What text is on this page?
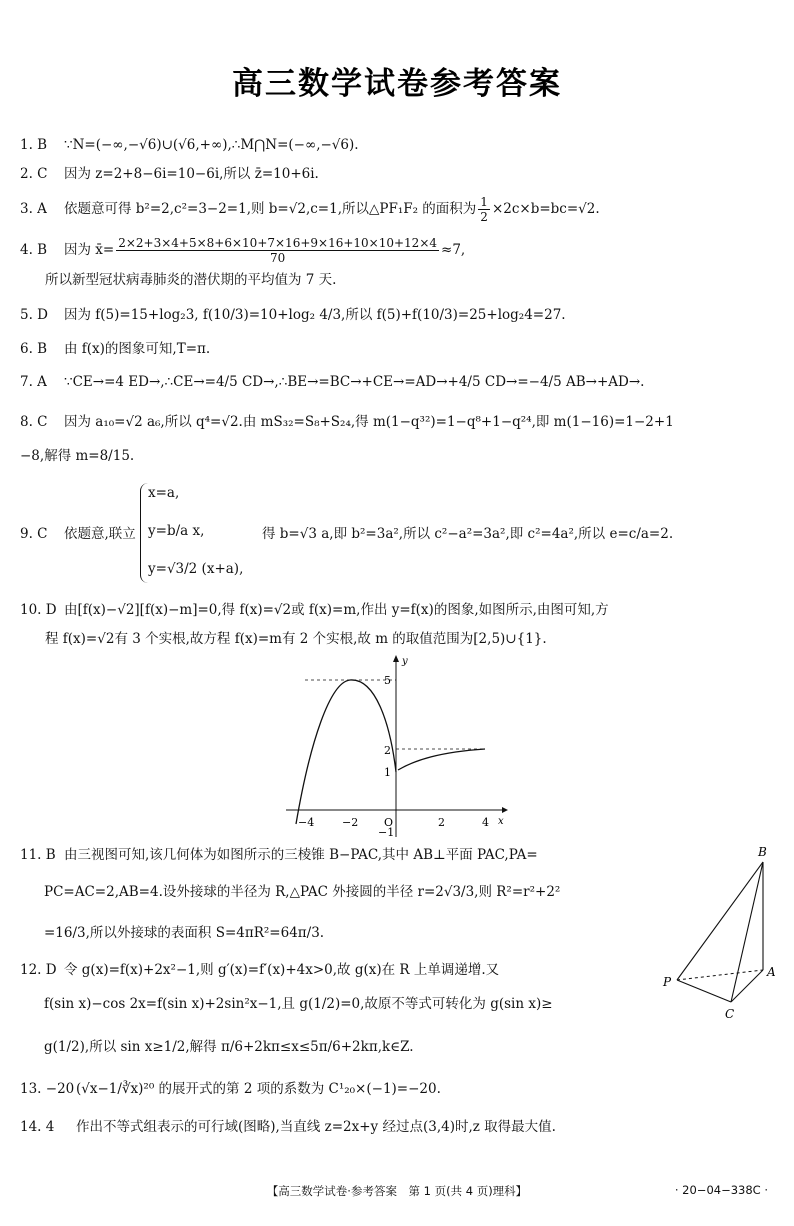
高三数学试卷参考答案
1. B ∵N=(−∞,−√6)∪(√6,+∞),∴M⋂N=(−∞,−√6).
2. C 因为 z=2+8−6i=10−6i,所以 z̄=10+6i.
3. A 依题意可得 b²=2,c²=3−2=1,则 b=√2,c=1,所以△PF₁F₂ 的面积为 $\frac{1}{2} \times 2c\times b=bc=√2$.
4. B 因为 x̄= $\frac{2\times 2+3\times 4+5\times 8+6\times 10+7\times 16+9\times 16+10\times 10+12\times 4}{70} \approx 7$,
所以新型冠状病毒肺炎的潜伏期的平均值为 7 天.
5. D 因为 f(5)=15+log₂3, f(10/3)=10+log₂ 4/3,所以 f(5)+f(10/3)=25+log₂4=27.
6. B 由 f(x)的图象可知,T=π.
7. A ∵CE→=4 ED→,∴CE→=4/5 CD→,∴BE→=BC→+CE→=AD→+4/5 CD→=−4/5 AB→+AD→.
8. C 因为 a₁₀=√2 a₆,所以 q⁴=√2.由 mS₃₂=S₈+S₂₄,得 m(1−q³²)=1−q⁸+1−q²⁴,即 m(1−16)=1−2+1
−8,解得 m=8/15.
9. C 依题意,联立
x=a,
y=b/a x,
y=√3/2 (x+a),
得 b=√3 a,即 b²=3a²,所以 c²−a²=3a²,即 c²=4a²,所以 e=c/a=2.
10. D 由[f(x)−√2][f(x)−m]=0,得 f(x)=√2或 f(x)=m,作出 y=f(x)的图象,如图所示,由图可知,方
程 f(x)=√2有 3 个实根,故方程 f(x)=m有 2 个实根,故 m 的取值范围为[2,5)∪{1}.
−4	−2 O	2	4 x
y
5
2
1
−1
11. B 由三视图可知,该几何体为如图所示的三棱锥 B−PAC,其中 AB⊥平面 PAC,PA=
PC=AC=2,AB=4.设外接球的半径为 R,△PAC 外接圆的半径 r=2√3/3,则 R²=r²+2²
=16/3,所以外接球的表面积 S=4πR²=64π/3.
B
P
A
C
12. D 令 g(x)=f(x)+2x²−1,则 g′(x)=f′(x)+4x>0,故 g(x)在 R 上单调递增.又
f(sin x)−cos 2x=f(sin x)+2sin²x−1,且 g(1/2)=0,故原不等式可转化为 g(sin x)≥
g(1/2),所以 sin x≥1/2,解得 π/6+2kπ≤x≤5π/6+2kπ,k∈Z.
13. −20 (√x−1/∛x)²⁰ 的展开式的第 2 项的系数为 C¹₂₀×(−1)=−20.
14. 4 作出不等式组表示的可行域(图略),当直线 z=2x+y 经过点(3,4)时,z 取得最大值.
【高三数学试卷·参考答案　第 1 页(共 4 页)理科】	· 20−04−338C ·
